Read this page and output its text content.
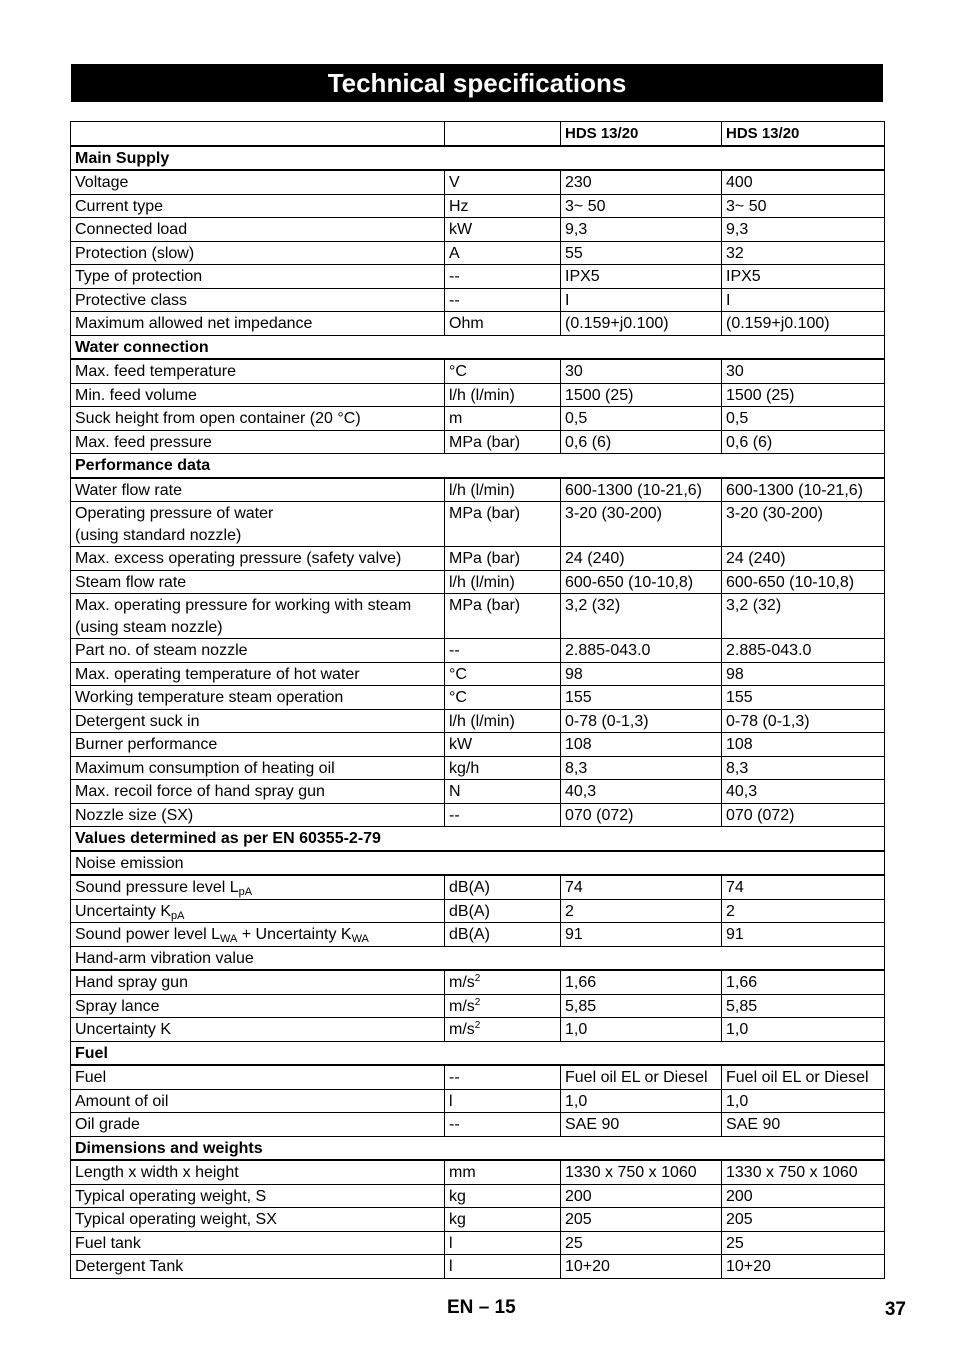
Technical specifications
		HDS 13/20	HDS 13/20
Main Supply			
Voltage	V	230	400
Current type	Hz	3~ 50	3~ 50
Connected load	kW	9,3	9,3
Protection (slow)	A	55	32
Type of protection	--	IPX5	IPX5
Protective class	--	I	I
Maximum allowed net impedance	Ohm	(0.159+j0.100)	(0.159+j0.100)
Water connection			
Max. feed temperature	°C	30	30
Min. feed volume	l/h (l/min)	1500 (25)	1500 (25)
Suck height from open container (20 °C)	m	0,5	0,5
Max. feed pressure	MPa (bar)	0,6 (6)	0,6 (6)
Performance data			
Water flow rate	l/h (l/min)	600-1300 (10-21,6)	600-1300 (10-21,6)

Operating pressure of water
(using standard nozzle)	MPa (bar)	3-20 (30-200)	3-20 (30-200)
Max. excess operating pressure (safety valve)	MPa (bar)	24 (240)	24 (240)
Steam flow rate	l/h (l/min)	600-650 (10-10,8)	600-650 (10-10,8)

Max. operating pressure for working with steam
(using steam nozzle)	MPa (bar)	3,2 (32)	3,2 (32)
Part no. of steam nozzle	--	2.885-043.0	2.885-043.0
Max. operating temperature of hot water	°C	98	98
Working temperature steam operation	°C	155	155
Detergent suck in	l/h (l/min)	0-78 (0-1,3)	0-78 (0-1,3)
Burner performance	kW	108	108
Maximum consumption of heating oil	kg/h	8,3	8,3
Max. recoil force of hand spray gun	N	40,3	40,3
Nozzle size (SX)	--	070 (072)	070 (072)
Values determined as per EN 60355-2-79			
Noise emission			
Sound pressure level $L_{pA}$	dB(A)	74	74
Uncertainty $K_{pA}$	dB(A)	2	2
Sound power level $L_{WA}$ + Uncertainty $K_{WA}$	dB(A)	91	91
Hand-arm vibration value			
Hand spray gun	$m/s^2$	1,66	1,66
Spray lance	$m/s^2$	5,85	5,85
Uncertainty K	$m/s^2$	1,0	1,0
Fuel			
Fuel	--	Fuel oil EL or Diesel	Fuel oil EL or Diesel
Amount of oil	l	1,0	1,0
Oil grade	--	SAE 90	SAE 90
Dimensions and weights			
Length x width x height	mm	1330 x 750 x 1060	1330 x 750 x 1060
Typical operating weight, S	kg	200	200
Typical operating weight, SX	kg	205	205
Fuel tank	l	25	25
Detergent Tank	l	10+20	10+20
EN – 15	37
